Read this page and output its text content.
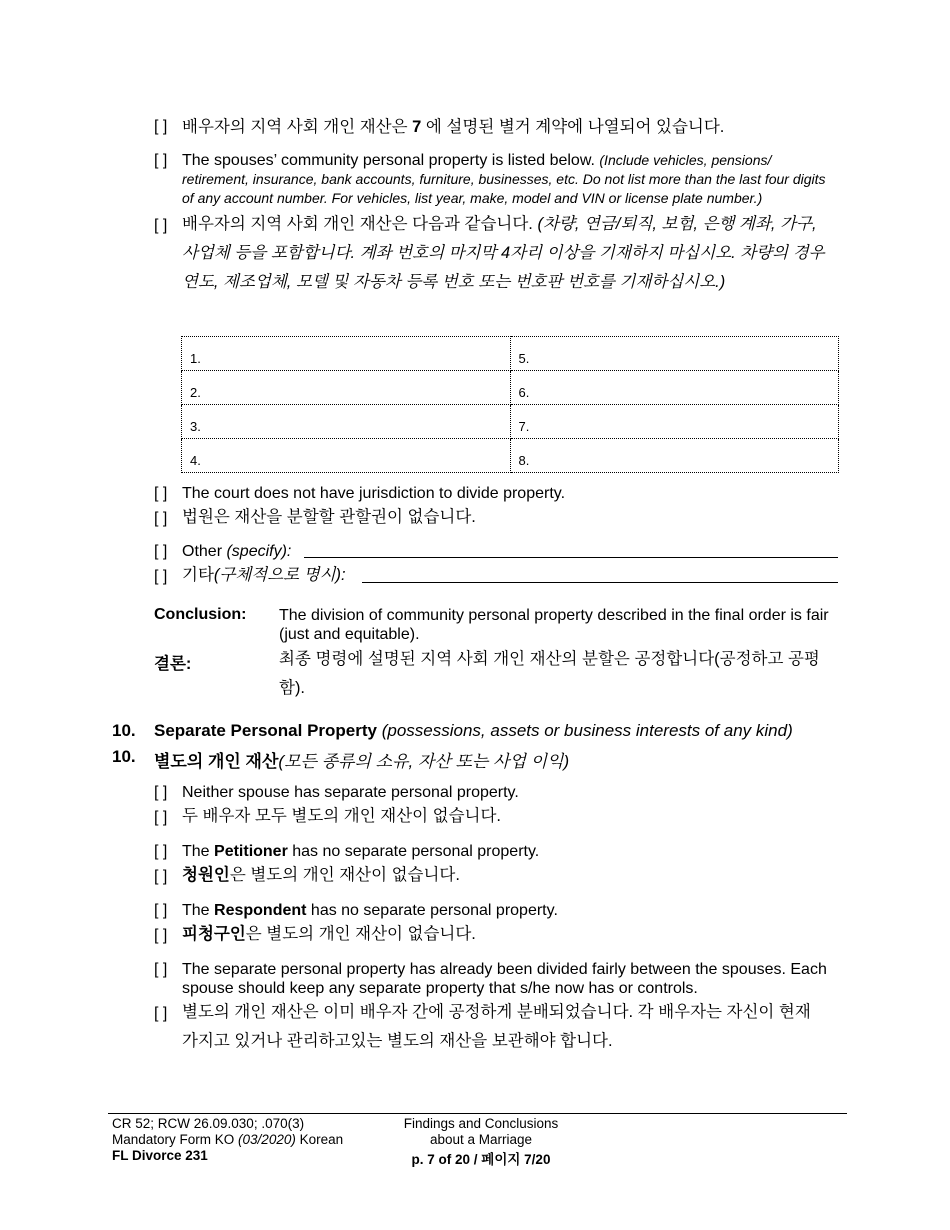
[ ] 배우자의 지역 사회 개인 재산은 7 에 설명된 별거 계약에 나열되어 있습니다.
[ ] The spouses’ community personal property is listed below. (Include vehicles, pensions/ retirement, insurance, bank accounts, furniture, businesses, etc. Do not list more than the last four digits of any account number. For vehicles, list year, make, model and VIN or license plate number.)
[ ] 배우자의 지역 사회 개인 재산은 다음과 같습니다. (차량, 연금/퇴직, 보험, 은행 계좌, 가구, 사업체 등을 포함합니다. 계좌 번호의 마지막 4자리 이상을 기재하지 마십시오. 차량의 경우 연도, 제조업체, 모델 및 자동차 등록 번호 또는 번호판 번호를 기재하십시오.)
1.	5.
2.	6.
3.	7.
4.	8.
[ ] The court does not have jurisdiction to divide property.
[ ] 법원은 재산을 분할할 관할권이 없습니다.
[ ] Other (specify):
[ ] 기타(구체적으로 명시):
Conclusion: The division of community personal property described in the final order is fair (just and equitable).
결론:	최종 명령에 설명된 지역 사회 개인 재산의 분할은 공정합니다(공정하고 공평함).
10. Separate Personal Property (possessions, assets or business interests of any kind)
10. 별도의 개인 재산(모든 종류의 소유, 자산 또는 사업 이익)
[ ] Neither spouse has separate personal property.
[ ] 두 배우자 모두 별도의 개인 재산이 없습니다.
[ ] The Petitioner has no separate personal property.
[ ] 청원인은 별도의 개인 재산이 없습니다.
[ ] The Respondent has no separate personal property.
[ ] 피청구인은 별도의 개인 재산이 없습니다.
[ ] The separate personal property has already been divided fairly between the spouses. Each spouse should keep any separate property that s/he now has or controls.
[ ] 별도의 개인 재산은 이미 배우자 간에 공정하게 분배되었습니다. 각 배우자는 자신이 현재 가지고 있거나 관리하고있는 별도의 재산을 보관해야 합니다.
CR 52; RCW 26.09.030; .070(3)
Mandatory Form KO (03/2020) Korean
FL Divorce 231
Findings and Conclusions
about a Marriage
p. 7 of 20 / 페이지 7/20
